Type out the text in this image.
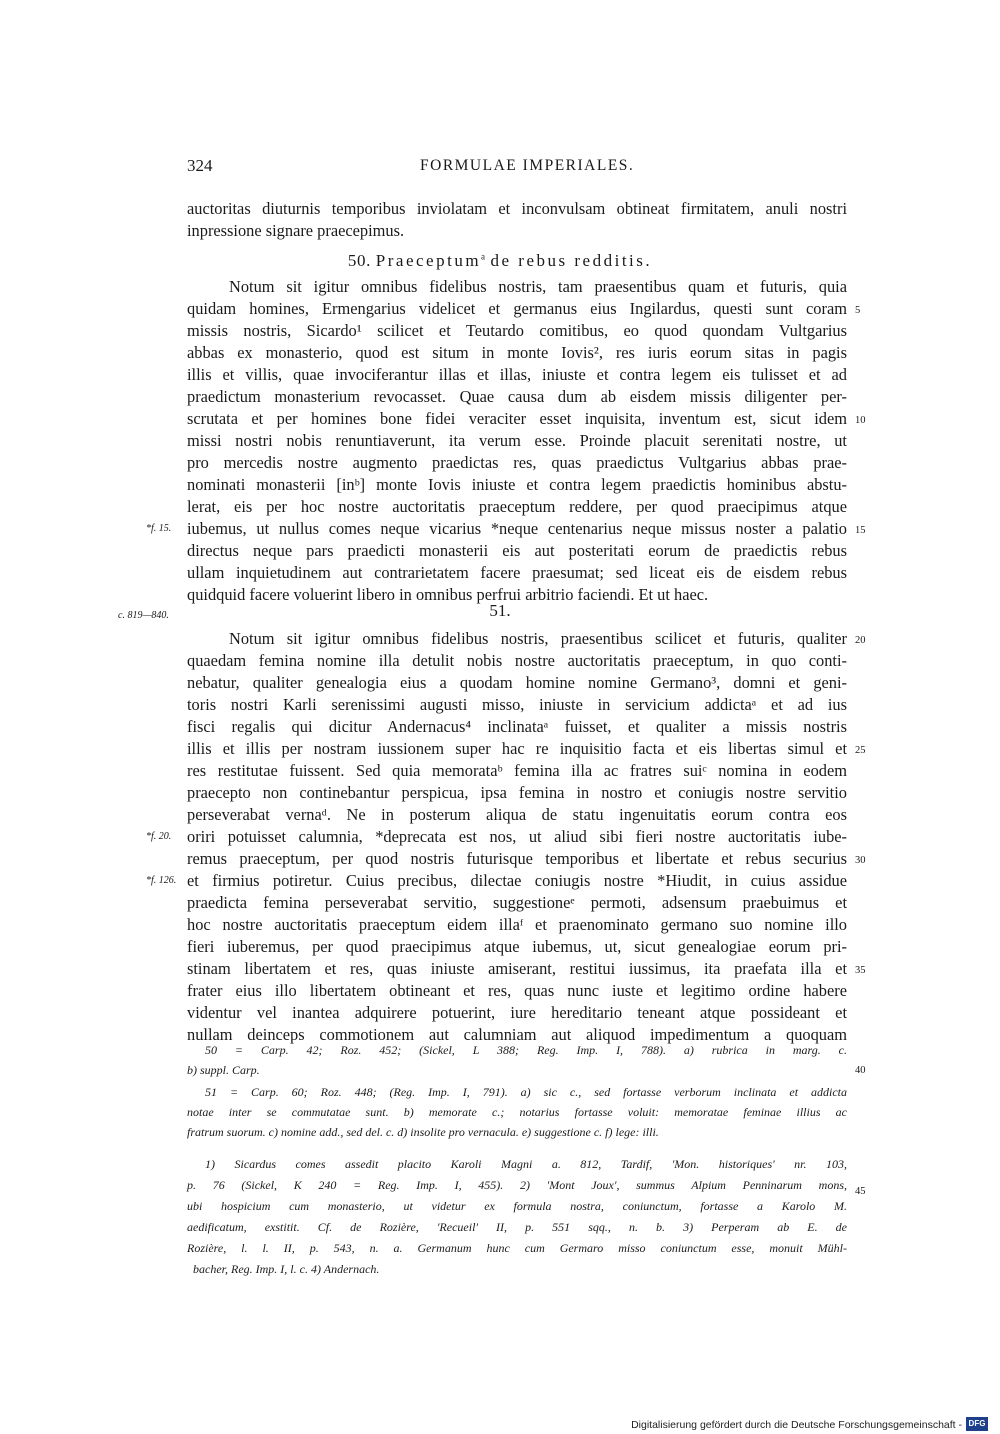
324	FORMULAE IMPERIALES.
auctoritas diuturnis temporibus inviolatam et inconvulsam obtineat firmitatem, anuli nostri
inpressione signare praecepimus.
50. Praeceptum$^a$ de rebus redditis.
Notum sit igitur omnibus fidelibus nostris, tam praesentibus quam et futuris, quia
quidam homines, Ermengarius videlicet et germanus eius Ingilardus, questi sunt coram
missis nostris, Sicardo¹ scilicet et Teutardo comitibus, eo quod quondam Vultgarius
abbas ex monasterio, quod est situm in monte Iovis², res iuris eorum sitas in pagis
illis et villis, quae invociferantur illas et illas, iniuste et contra legem eis tulisset et ad
praedictum monasterium revocasset. Quae causa dum ab eisdem missis diligenter per-
scrutata et per homines bone fidei veraciter esset inquisita, inventum est, sicut idem
missi nostri nobis renuntiaverunt, ita verum esse. Proinde placuit serenitati nostre, ut
pro mercedis nostre augmento praedictas res, quas praedictus Vultgarius abbas prae-
nominati monasterii [inᵇ] monte Iovis iniuste et contra legem praedictis hominibus abstu-
lerat, eis per hoc nostre auctoritatis praeceptum reddere, per quod praecipimus atque
iubemus, ut nullus comes neque vicarius *neque centenarius neque missus noster a palatio
directus neque pars praedicti monasterii eis aut posteritati eorum de praedictis rebus
ullam inquietudinem aut contrarietatem facere praesumat; sed liceat eis de eisdem rebus
quidquid facere voluerint libero in omnibus perfrui arbitrio faciendi. Et ut haec.
c. 819—840.	51.
Notum sit igitur omnibus fidelibus nostris, praesentibus scilicet et futuris, qualiter
quaedam femina nomine illa detulit nobis nostre auctoritatis praeceptum, in quo conti-
nebatur, qualiter genealogia eius a quodam homine nomine Germano³, domni et geni-
toris nostri Karli serenissimi augusti misso, iniuste in servicium addictaᵃ et ad ius
fisci regalis qui dicitur Andernacus⁴ inclinataᵃ fuisset, et qualiter a missis nostris
illis et illis per nostram iussionem super hac re inquisitio facta et eis libertas simul et
res restitutae fuissent. Sed quia memorataᵇ femina illa ac fratres suiᶜ nomina in eodem
praecepto non continebantur perspicua, ipsa femina in nostro et coniugis nostre servitio
perseverabat vernaᵈ. Ne in posterum aliqua de statu ingenuitatis eorum contra eos
oriri potuisset calumnia, *deprecata est nos, ut aliud sibi fieri nostre auctoritatis iube-
remus praeceptum, per quod nostris futurisque temporibus et libertate et rebus securius
et firmius potiretur. Cuius precibus, dilectae coniugis nostre *Hiudit, in cuius assidue
praedicta femina perseverabat servitio, suggestioneᵉ permoti, adsensum praebuimus et
hoc nostre auctoritatis praeceptum eidem illaᶠ et praenominato germano suo nomine illo
fieri iuberemus, per quod praecipimus atque iubemus, ut, sicut genealogiae eorum pri-
stinam libertatem et res, quas iniuste amiserant, restitui iussimus, ita praefata illa et
frater eius illo libertatem obtineant et res, quas nunc iuste et legitimo ordine habere
videntur vel inantea adquirere potuerint, iure hereditario teneant atque possideant et
nullam deinceps commotionem aut calumniam aut aliquod impedimentum a quoquam
*f. 15.
*f. 20.
*f. 126.
5
10
15
20
25
30
35
40
45
50 = Carp. 42; Roz. 452; (Sickel, L 388; Reg. Imp. I, 788). a) rubrica in marg. c.
b) suppl. Carp.
51 = Carp. 60; Roz. 448; (Reg. Imp. I, 791). a) sic c., sed fortasse verborum inclinata et addicta
notae inter se commutatae sunt. b) memorate c.; notarius fortasse voluit: memoratae feminae illius ac
fratrum suorum. c) nomine add., sed del. c. d) insolite pro vernacula. e) suggestione c. f) lege: illi.
1) Sicardus comes assedit placito Karoli Magni a. 812, Tardif, 'Mon. historiques' nr. 103,
p. 76 (Sickel, K 240 = Reg. Imp. I, 455). 2) 'Mont Joux', summus Alpium Penninarum mons,
ubi hospicium cum monasterio, ut videtur ex formula nostra, coniunctum, fortasse a Karolo M.
aedificatum, exstitit. Cf. de Rozière, 'Recueil' II, p. 551 sqq., n. b. 3) Perperam ab E. de
Rozière, l. l. II, p. 543, n. a. Germanum hunc cum Germaro misso coniunctum esse, monuit Mühl-
bacher, Reg. Imp. I, l. c. 4) Andernach.
Digitalisierung gefördert durch die Deutsche Forschungsgemeinschaft - DFG
